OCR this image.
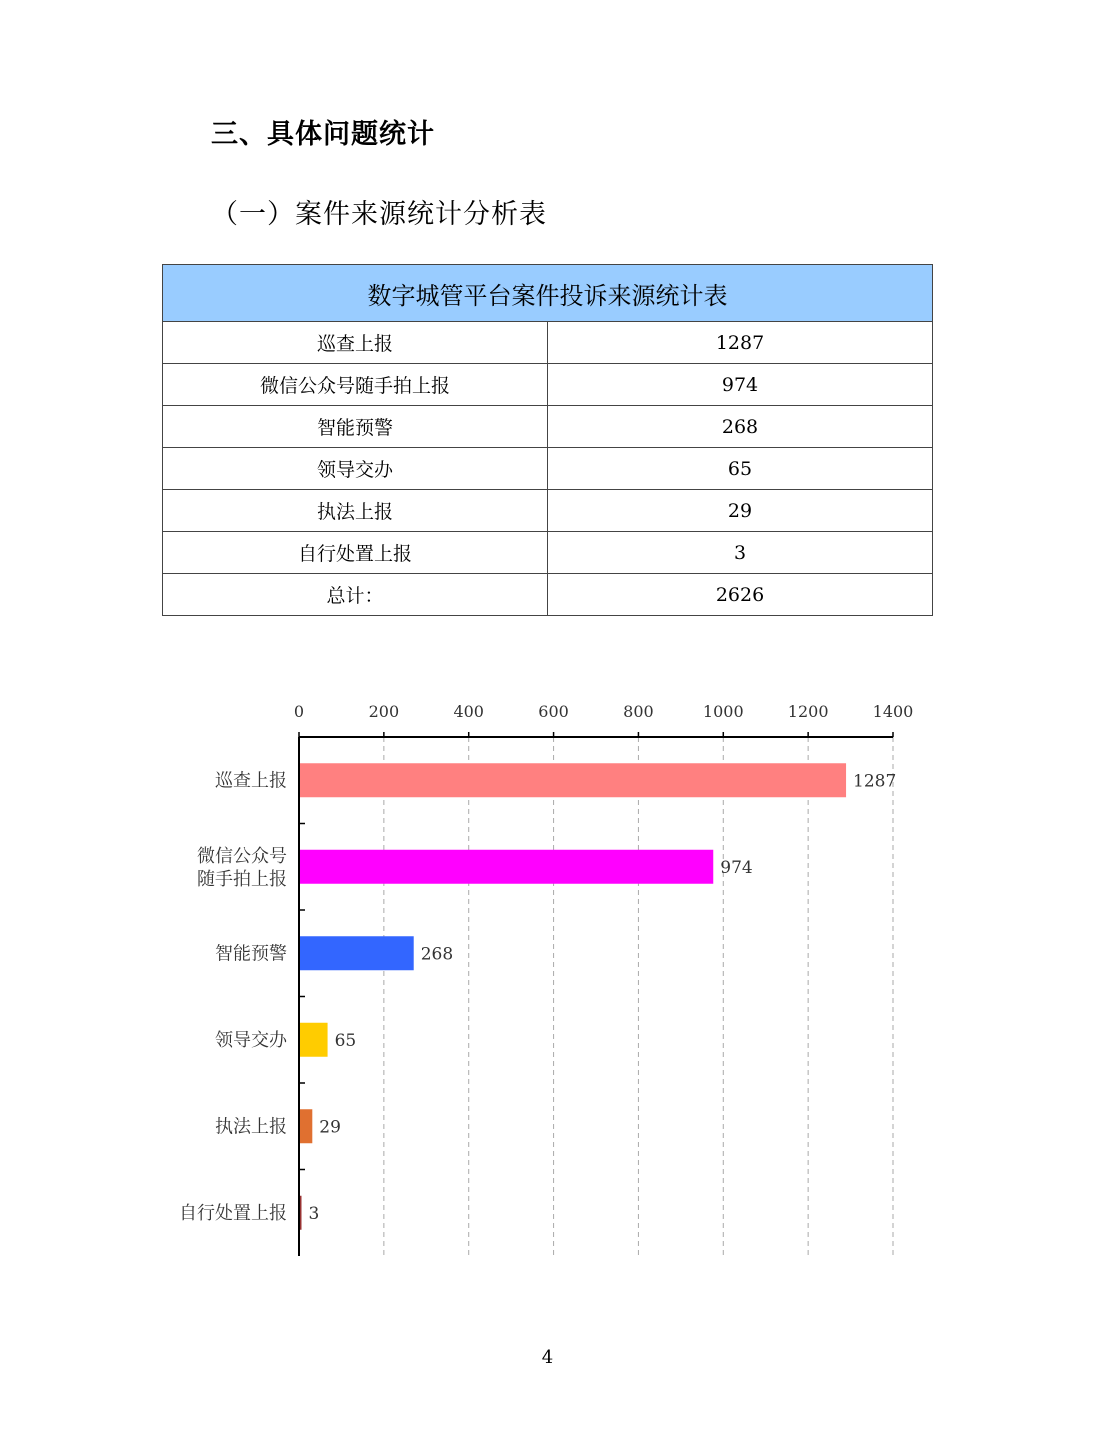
三、具体问题统计
（一）案件来源统计分析表
数字城管平台案件投诉来源统计表	
巡查上报	1287
微信公众号随手拍上报	974
智能预警	268
领导交办	65
执法上报	29
自行处置上报	3
总计：	2626
0	200	400	600	800	1000	1200	1400
巡查上报	1287
微信公众号随手拍上报
974
智能预警	268
领导交办	65
执法上报 29
自行处置上报 3
4
